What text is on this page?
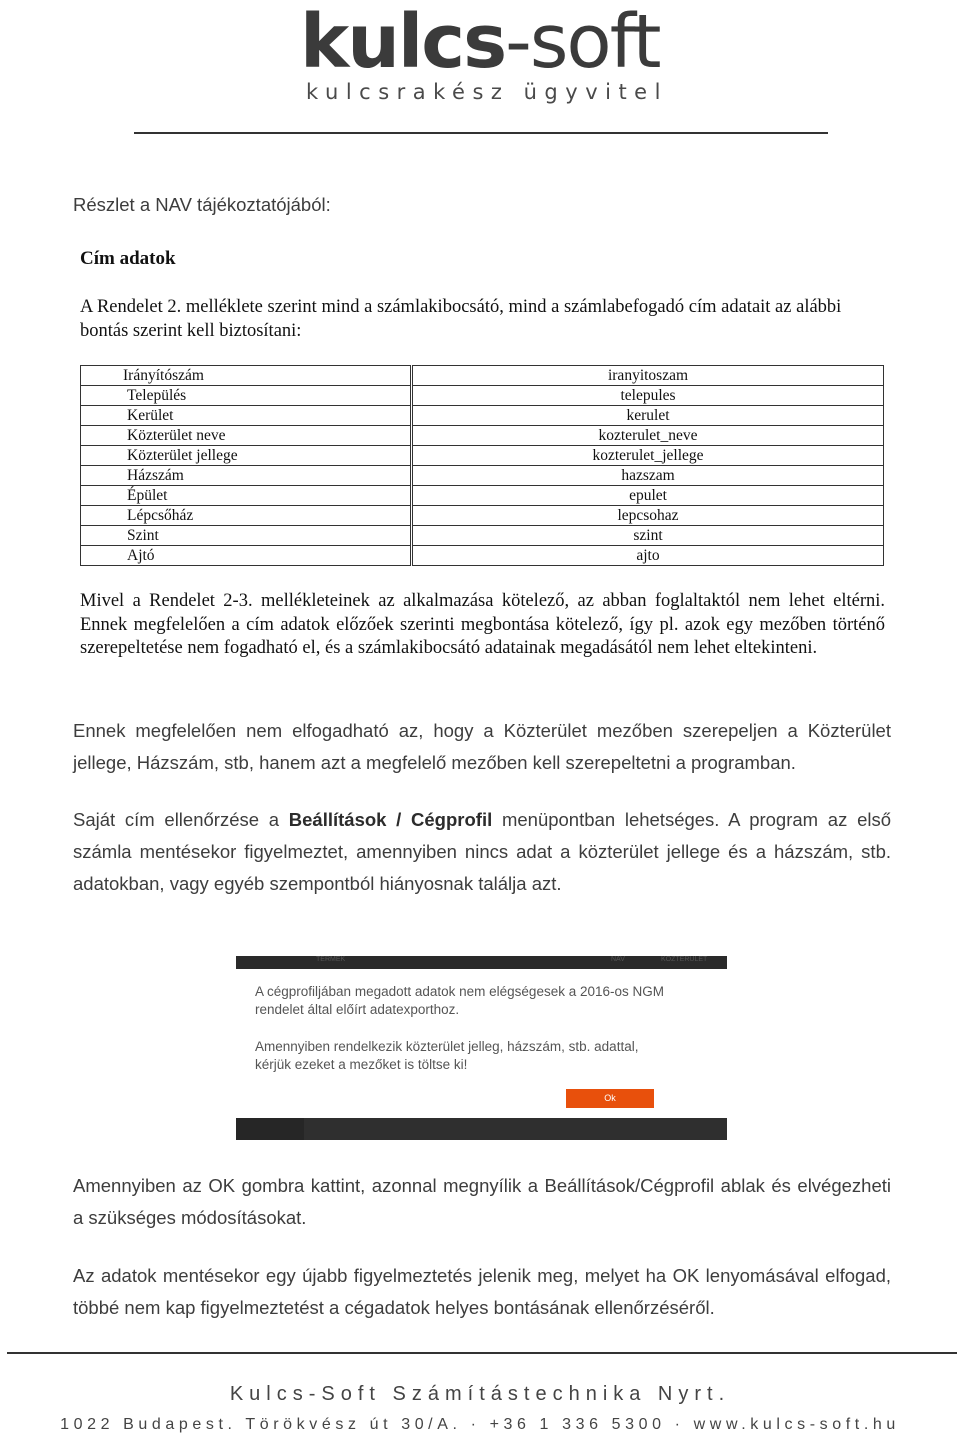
kulcs-soft
kulcsrakész ügyvitel
Részlet a NAV tájékoztatójából:
Cím adatok
A Rendelet 2. melléklete szerint mind a számlakibocsátó, mind a számlabefogadó cím adatait az alábbi bontás szerint kell biztosítani:
Irányítószám	iranyitoszam
Település	telepules
Kerület	kerulet
Közterület neve	kozterulet_neve
Közterület jellege	kozterulet_jellege
Házszám	hazszam
Épület	epulet
Lépcsőház	lepcsohaz
Szint	szint
Ajtó	ajto
Mivel a Rendelet 2-3. mellékleteinek az alkalmazása kötelező, az abban foglaltaktól nem lehet eltérni. Ennek megfelelően a cím adatok előzőek szerinti megbontása kötelező, így pl. azok egy mezőben történő szerepeltetése nem fogadható el, és a számlakibocsátó adatainak megadásától nem lehet eltekinteni.
Ennek megfelelően nem elfogadható az, hogy a Közterület mezőben szerepeljen a Közterület jellege, Házszám, stb, hanem azt a megfelelő mezőben kell szerepeltetni a programban.
Saját cím ellenőrzése a Beállítások / Cégprofil menüpontban lehetséges. A program az első számla mentésekor figyelmeztet, amennyiben nincs adat a közterület jellege és a házszám, stb. adatokban, vagy egyéb szempontból hiányosnak találja azt.
TERMEK	NAV	KOZTERULET
A cégprofiljában megadott adatok nem elégségesek a 2016-os NGM rendelet által előírt adatexporthoz.
Amennyiben rendelkezik közterület jelleg, házszám, stb. adattal, kérjük ezeket a mezőket is töltse ki!
Ok
Amennyiben az OK gombra kattint, azonnal megnyílik a Beállítások/Cégprofil ablak és elvégezheti a szükséges módosításokat.
Az adatok mentésekor egy újabb figyelmeztetés jelenik meg, melyet ha OK lenyomásával elfogad, többé nem kap figyelmeztetést a cégadatok helyes bontásának ellenőrzéséről.
Kulcs-Soft Számítástechnika Nyrt.
1022 Budapest. Törökvész út 30/A. · +36 1 336 5300 · www.kulcs-soft.hu
